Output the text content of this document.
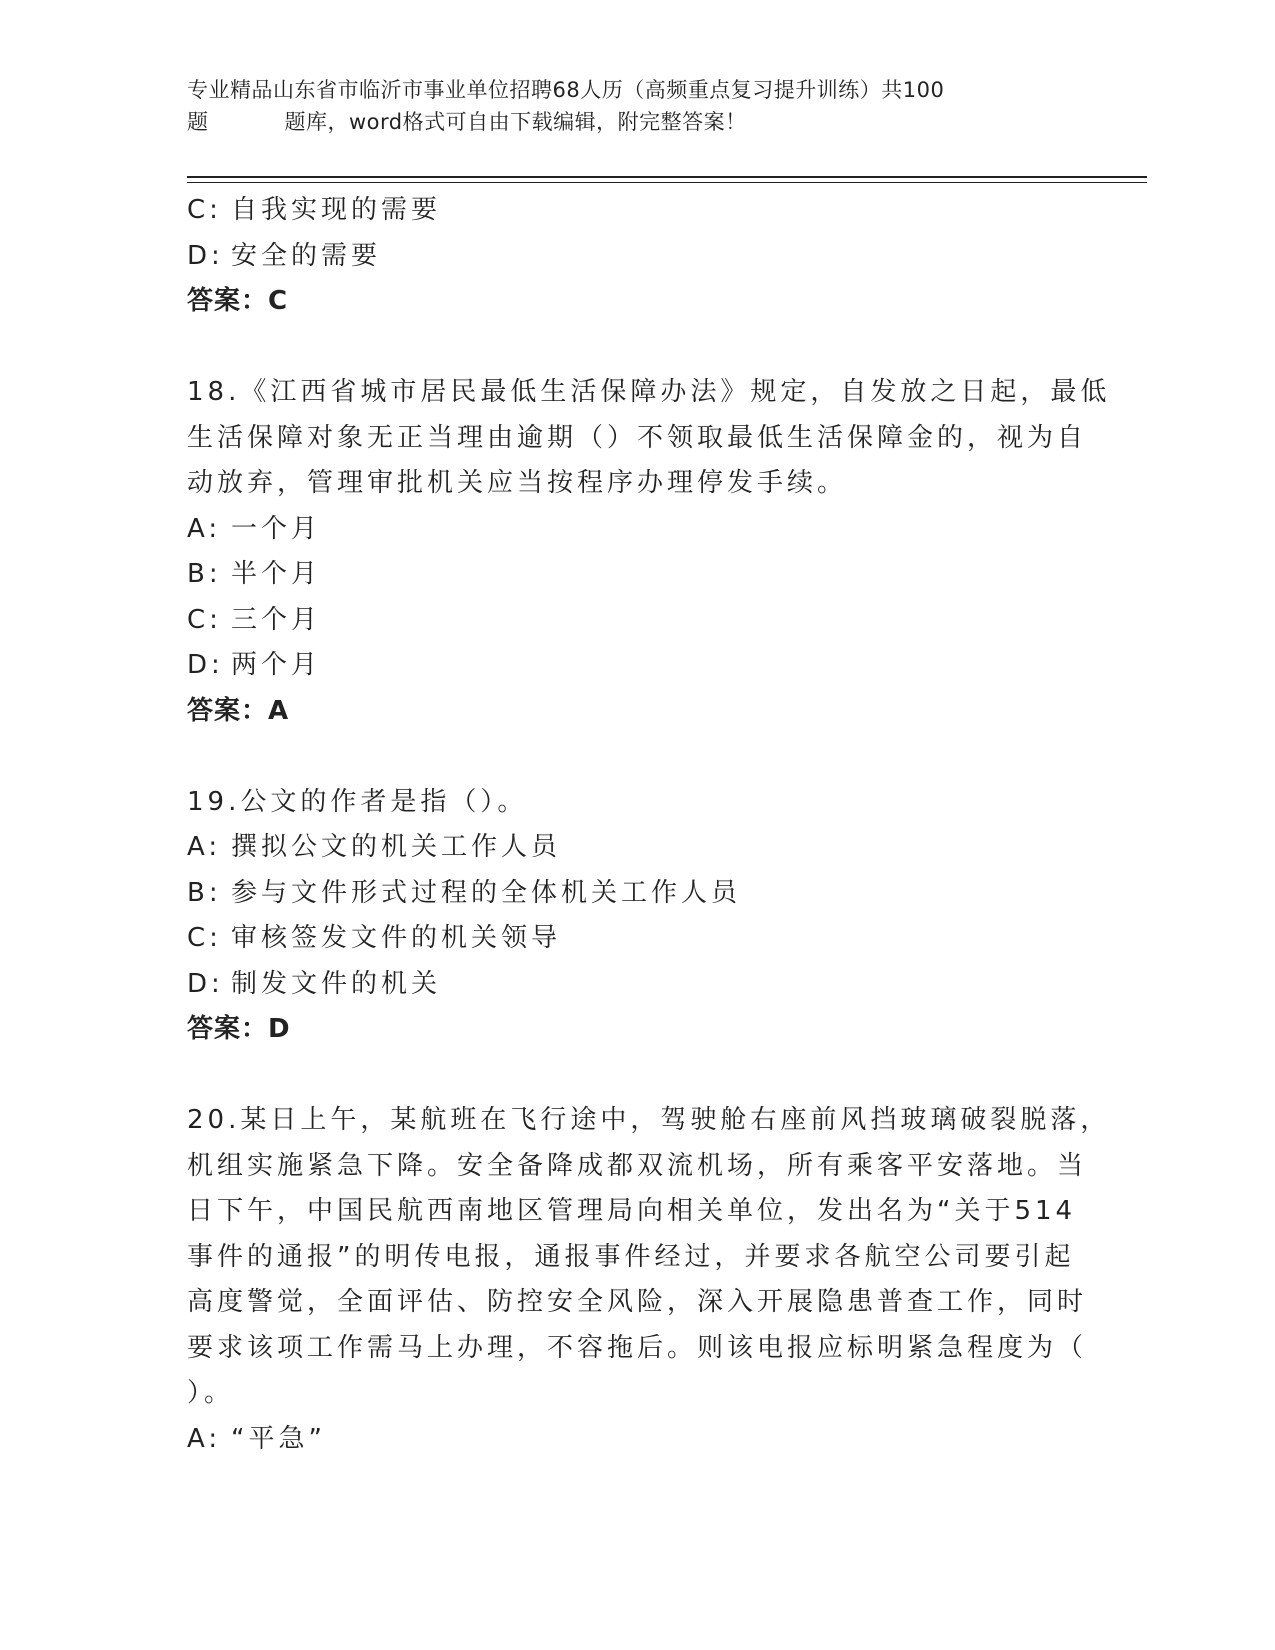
专业精品山东省市临沂市事业单位招聘68人历（高频重点复习提升训练）共100
题	题库，word格式可自由下载编辑，附完整答案！
C: 自我实现的需要
D: 安全的需要
答案：C
18.《江西省城市居民最低生活保障办法》规定，自发放之日起，最低
生活保障对象无正当理由逾期（）不领取最低生活保障金的，视为自
动放弃，管理审批机关应当按程序办理停发手续。
A: 一个月
B: 半个月
C: 三个月
D: 两个月
答案：A
19.公文的作者是指（）。
A: 撰拟公文的机关工作人员
B: 参与文件形式过程的全体机关工作人员
C: 审核签发文件的机关领导
D: 制发文件的机关
答案：D
20.某日上午，某航班在飞行途中，驾驶舱右座前风挡玻璃破裂脱落，
机组实施紧急下降。安全备降成都双流机场，所有乘客平安落地。当
日下午，中国民航西南地区管理局向相关单位，发出名为“关于514
事件的通报”的明传电报，通报事件经过，并要求各航空公司要引起
高度警觉，全面评估、防控安全风险，深入开展隐患普查工作，同时
要求该项工作需马上办理，不容拖后。则该电报应标明紧急程度为（
）。
A: “平急”
